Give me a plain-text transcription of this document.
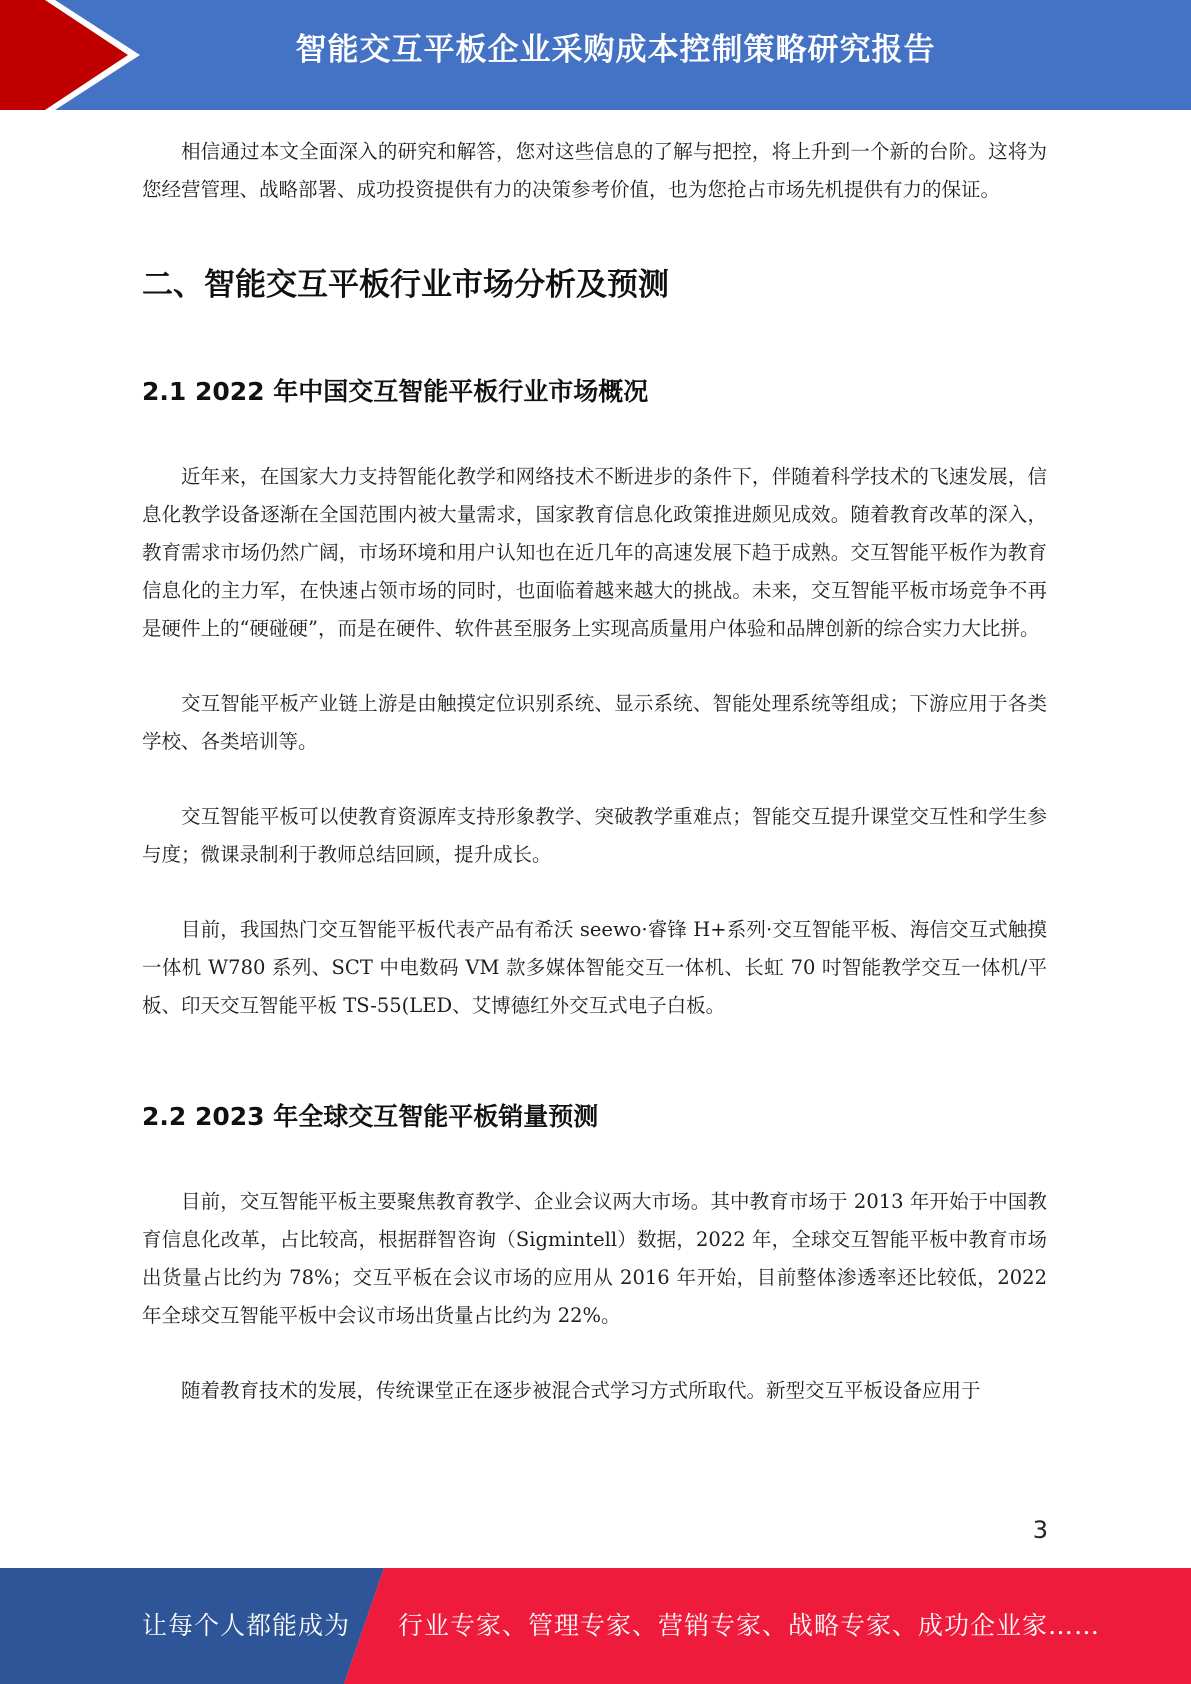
智能交互平板企业采购成本控制策略研究报告

相信通过本文全面深入的研究和解答，您对这些信息的了解与把控，将上升到一个新的台阶。这将为您经营管理、战略部署、成功投资提供有力的决策参考价值，也为您抢占市场先机提供有力的保证。

二、智能交互平板行业市场分析及预测
2.1 2022 年中国交互智能平板行业市场概况

近年来，在国家大力支持智能化教学和网络技术不断进步的条件下，伴随着科学技术的飞速发展，信息化教学设备逐渐在全国范围内被大量需求，国家教育信息化政策推进颇见成效。随着教育改革的深入，教育需求市场仍然广阔，市场环境和用户认知也在近几年的高速发展下趋于成熟。交互智能平板作为教育信息化的主力军，在快速占领市场的同时，也面临着越来越大的挑战。未来，交互智能平板市场竞争不再是硬件上的“硬碰硬”，而是在硬件、软件甚至服务上实现高质量用户体验和品牌创新的综合实力大比拼。

交互智能平板产业链上游是由触摸定位识别系统、显示系统、智能处理系统等组成；下游应用于各类学校、各类培训等。

交互智能平板可以使教育资源库支持形象教学、突破教学重难点；智能交互提升课堂交互性和学生参与度；微课录制利于教师总结回顾，提升成长。

目前，我国热门交互智能平板代表产品有希沃 seewo·睿锋 H+系列·交互智能平板、海信交互式触摸一体机 W780 系列、SCT 中电数码 VM 款多媒体智能交互一体机、长虹 70 吋智能教学交互一体机/平板、印天交互智能平板 TS-55(LED、艾博德红外交互式电子白板。

2.2 2023 年全球交互智能平板销量预测

目前，交互智能平板主要聚焦教育教学、企业会议两大市场。其中教育市场于 2013 年开始于中国教育信息化改革，占比较高，根据群智咨询（Sigmintell）数据，2022 年，全球交互智能平板中教育市场出货量占比约为 78%；交互平板在会议市场的应用从 2016 年开始，目前整体渗透率还比较低，2022 年全球交互智能平板中会议市场出货量占比约为 22%。

随着教育技术的发展，传统课堂正在逐步被混合式学习方式所取代。新型交互平板设备应用于

3
让每个人都能成为 行业专家、管理专家、营销专家、战略专家、成功企业家……
